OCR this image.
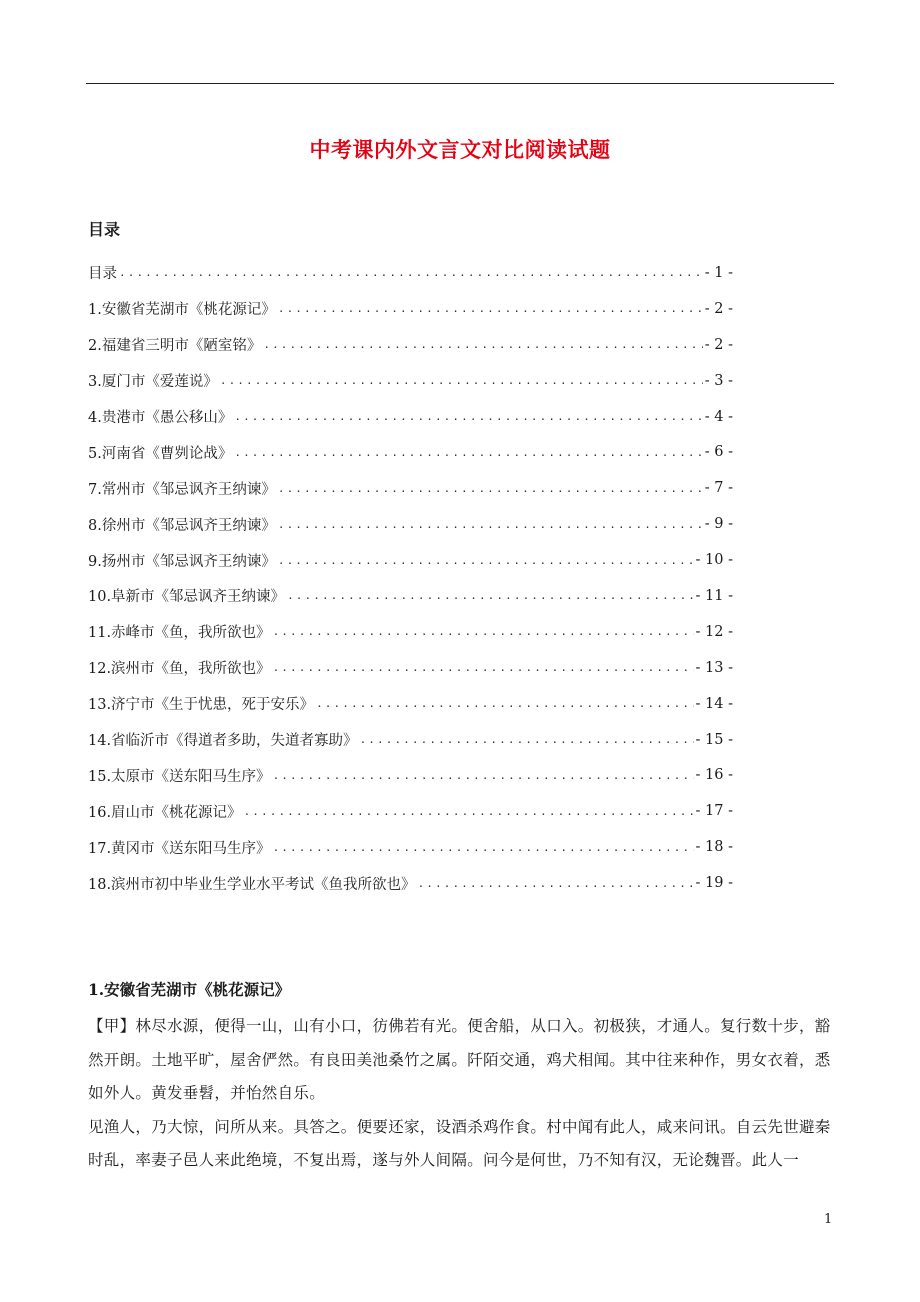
中考课内外文言文对比阅读试题
目录
目录 .....	- 1 -
1.安徽省芜湖市《桃花源记》 .....	- 2 -
2.福建省三明市《陋室铭》 .....	- 2 -
3.厦门市《爱莲说》 .....	- 3 -
4.贵港市《愚公移山》 .....	- 4 -
5.河南省《曹刿论战》 .....	- 6 -
7.常州市《邹忌讽齐王纳谏》 .....	- 7 -
8.徐州市《邹忌讽齐王纳谏》 .....	- 9 -
9.扬州市《邹忌讽齐王纳谏》 .....	- 10 -
10.阜新市《邹忌讽齐王纳谏》 .....	- 11 -
11.赤峰市《鱼，我所欲也》 .....	- 12 -
12.滨州市《鱼，我所欲也》 .....	- 13 -
13.济宁市《生于忧患，死于安乐》 .....	- 14 -
14.省临沂市《得道者多助，失道者寡助》 .....	- 15 -
15.太原市《送东阳马生序》 .....	- 16 -
16.眉山市《桃花源记》 .....	- 17 -
17.黄冈市《送东阳马生序》 .....	- 18 -
18.滨州市初中毕业生学业水平考试《鱼我所欲也》 .....	- 19 -
1.安徽省芜湖市《桃花源记》

【甲】林尽水源，便得一山，山有小口，彷佛若有光。便舍船，从口入。初极狭，才通人。复行数十步，豁然开朗。土地平旷，屋舍俨然。有良田美池桑竹之属。阡陌交通，鸡犬相闻。其中往来种作，男女衣着，悉如外人。黄发垂髫，并怡然自乐。

见渔人，乃大惊，问所从来。具答之。便要还家，设酒杀鸡作食。村中闻有此人，咸来问讯。自云先世避秦时乱，率妻子邑人来此绝境，不复出焉，遂与外人间隔。问今是何世，乃不知有汉，无论魏晋。此人一

1
